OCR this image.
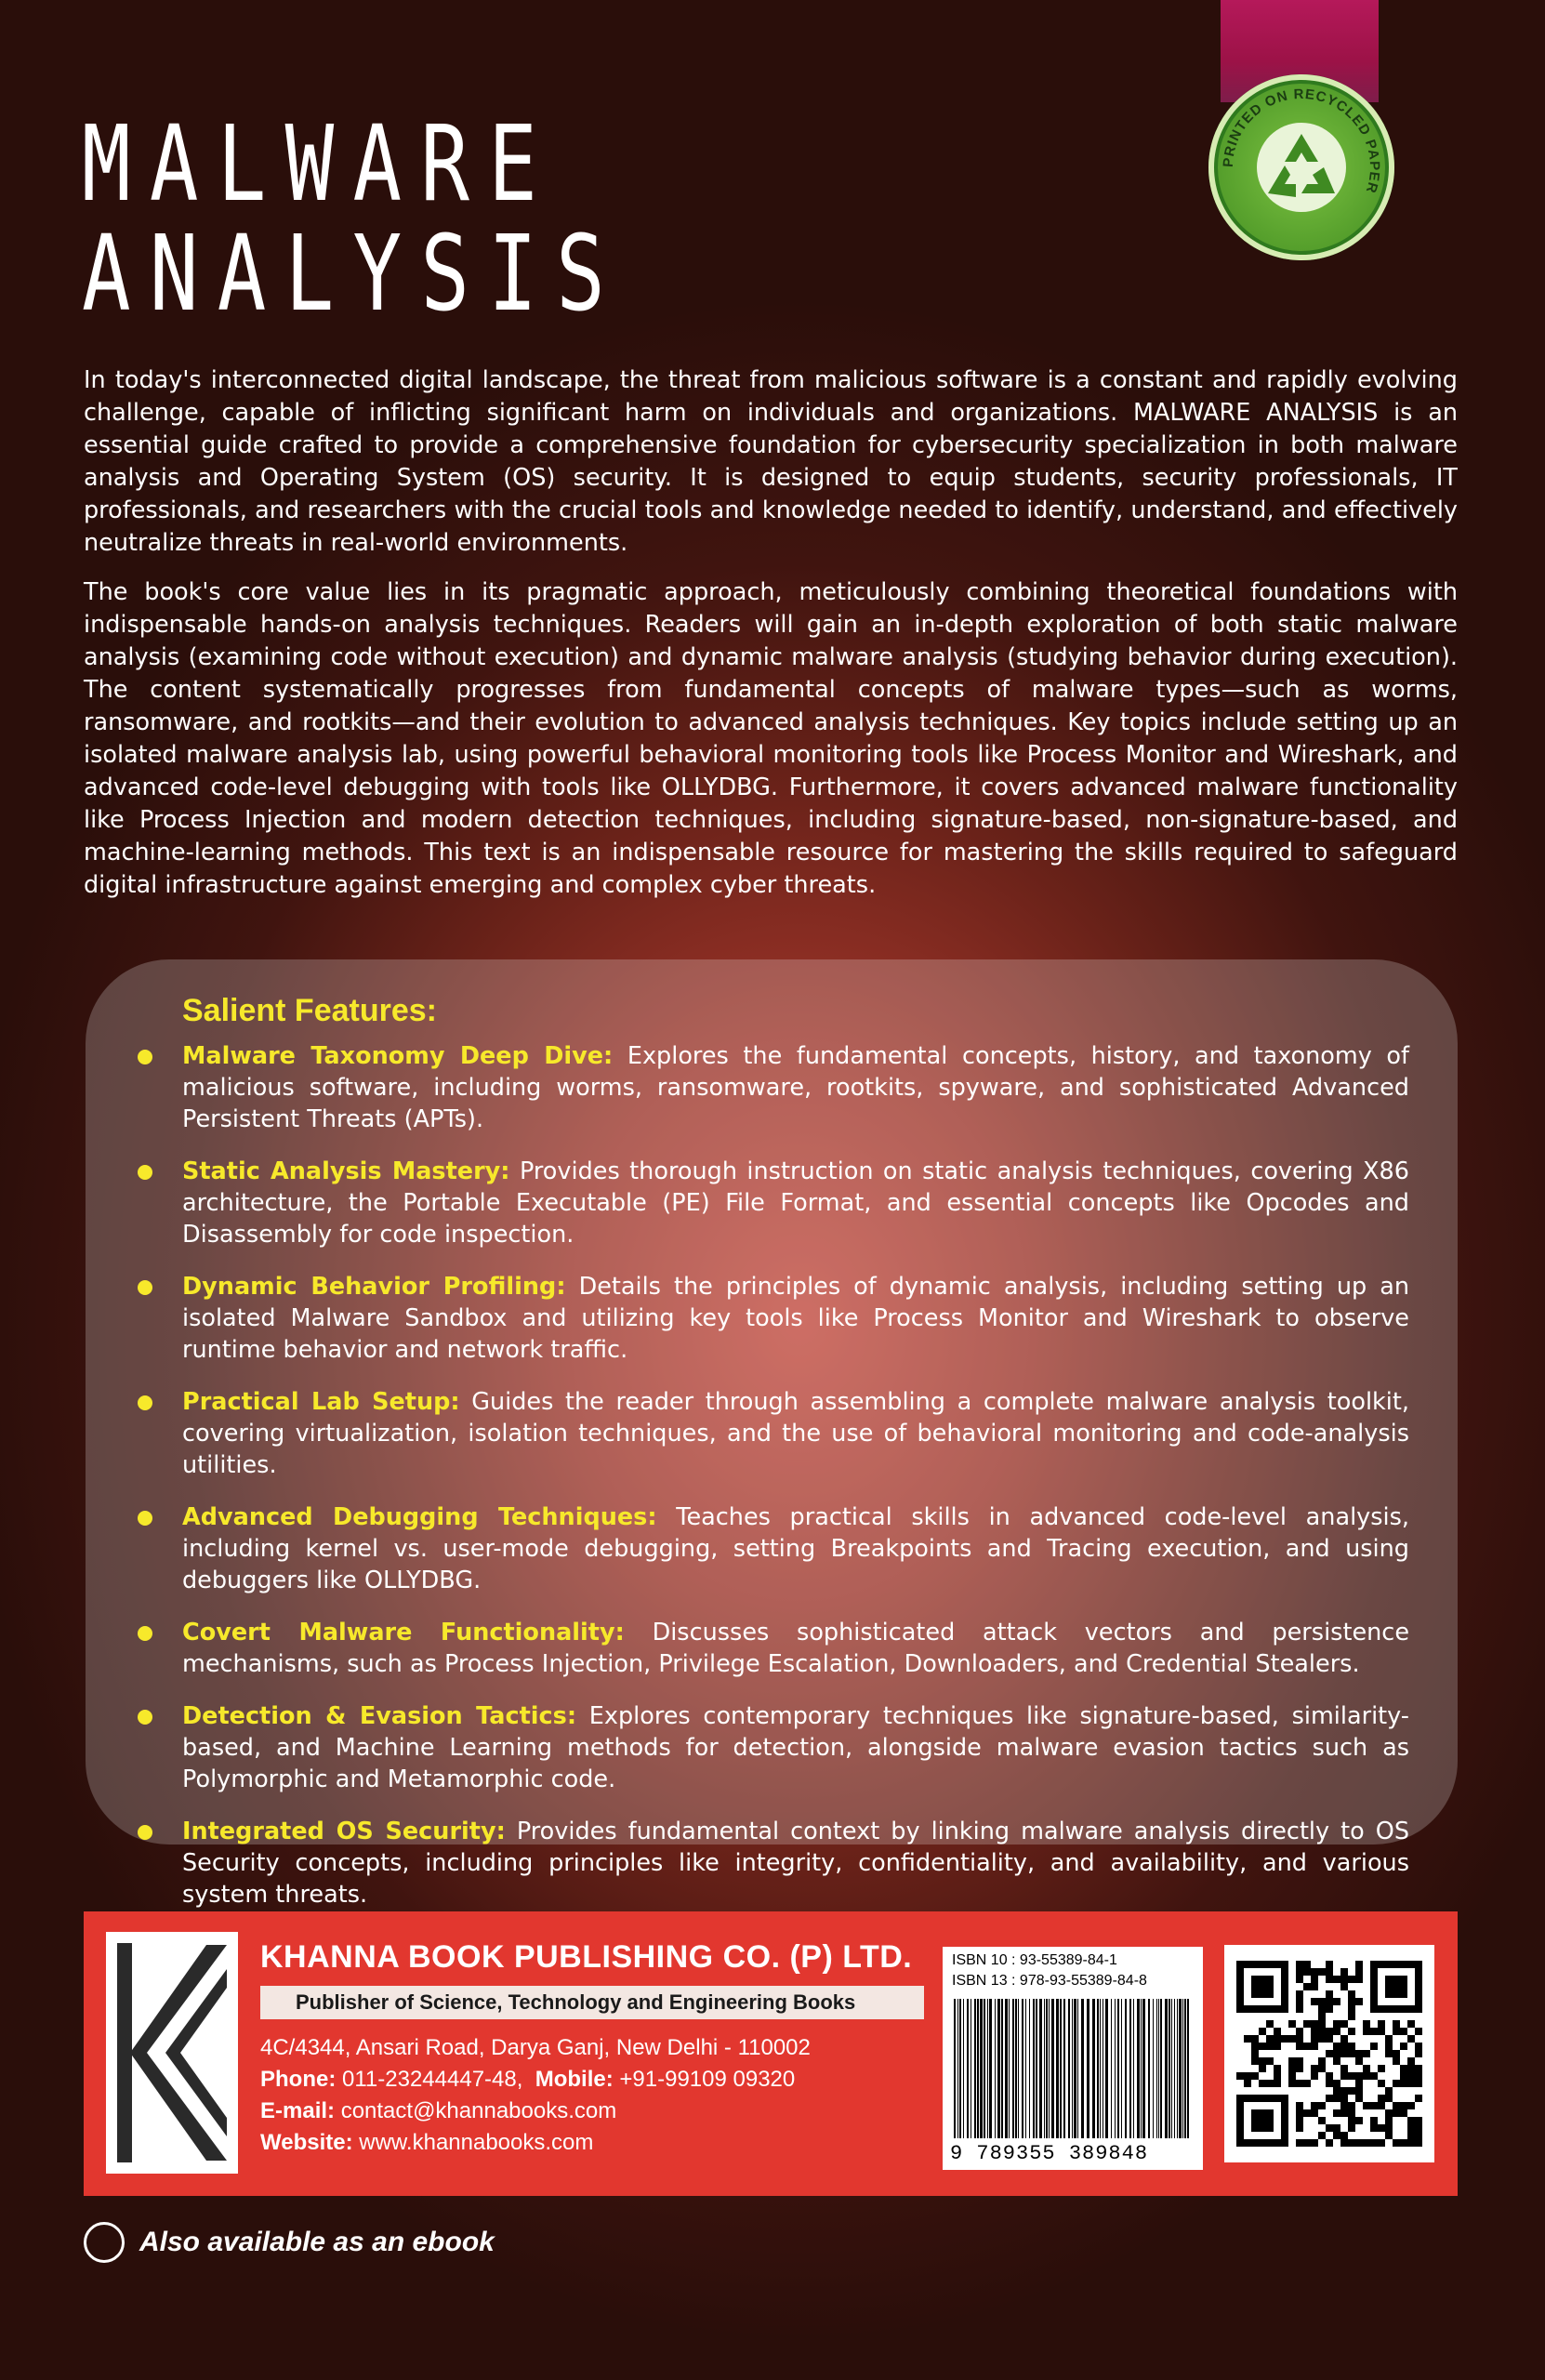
PRINTED ON RECYCLED PAPER
MALWARE
ANALYSIS

In today's interconnected digital landscape, the threat from malicious software is a constant and rapidly evolving challenge, capable of inflicting significant harm on individuals and organizations. MALWARE ANALYSIS is an essential guide crafted to provide a comprehensive foundation for cybersecurity specialization in both malware analysis and Operating System (OS) security. It is designed to equip students, security professionals, IT professionals, and researchers with the crucial tools and knowledge needed to identify, understand, and effectively neutralize threats in real-world environments.

The book's core value lies in its pragmatic approach, meticulously combining theoretical foundations with indispensable hands-on analysis techniques. Readers will gain an in-depth exploration of both static malware analysis (examining code without execution) and dynamic malware analysis (studying behavior during execution). The content systematically progresses from fundamental concepts of malware types—such as worms, ransomware, and rootkits—and their evolution to advanced analysis techniques. Key topics include setting up an isolated malware analysis lab, using powerful behavioral monitoring tools like Process Monitor and Wireshark, and advanced code-level debugging with tools like OLLYDBG. Furthermore, it covers advanced malware functionality like Process Injection and modern detection techniques, including signature-based, non-signature-based, and machine-learning methods. This text is an indispensable resource for mastering the skills required to safeguard digital infrastructure against emerging and complex cyber threats.

Salient Features:
Malware Taxonomy Deep Dive: Explores the fundamental concepts, history, and taxonomy of malicious software, including worms, ransomware, rootkits, spyware, and sophisticated Advanced Persistent Threats (APTs).
Static Analysis Mastery: Provides thorough instruction on static analysis techniques, covering X86 architecture, the Portable Executable (PE) File Format, and essential concepts like Opcodes and Disassembly for code inspection.
Dynamic Behavior Profiling: Details the principles of dynamic analysis, including setting up an isolated Malware Sandbox and utilizing key tools like Process Monitor and Wireshark to observe runtime behavior and network traffic.
Practical Lab Setup: Guides the reader through assembling a complete malware analysis toolkit, covering virtualization, isolation techniques, and the use of behavioral monitoring and code-analysis utilities.
Advanced Debugging Techniques: Teaches practical skills in advanced code-level analysis, including kernel vs. user-mode debugging, setting Breakpoints and Tracing execution, and using debuggers like OLLYDBG.
Covert Malware Functionality: Discusses sophisticated attack vectors and persistence mechanisms, such as Process Injection, Privilege Escalation, Downloaders, and Credential Stealers.
Detection & Evasion Tactics: Explores contemporary techniques like signature-based, similarity-based, and Machine Learning methods for detection, alongside malware evasion tactics such as Polymorphic and Metamorphic code.
Integrated OS Security: Provides fundamental context by linking malware analysis directly to OS Security concepts, including principles like integrity, confidentiality, and availability, and various system threats.
KHANNA BOOK PUBLISHING CO. (P) LTD.
Publisher of Science, Technology and Engineering Books
4C/4344, Ansari Road, Darya Ganj, New Delhi - 110002
Phone: 011-23244447-48, Mobile: +91-99109 09320
E-mail: contact@khannabooks.com
Website: www.khannabooks.com
ISBN 10 : 93-55389-84-1
ISBN 13 : 978-93-55389-84-8
9 789355 389848
Also available as an ebook
